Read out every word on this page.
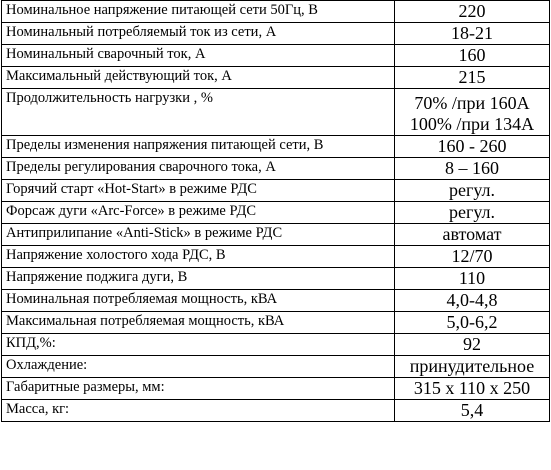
Номинальное напряжение питающей сети 50Гц, В	220

Номинальный потребляемый ток из сети, А	18-21

Номинальный сварочный ток, А	160

Максимальный действующий ток, А	215

Продолжительность нагрузки , %	70% /при 160А
100% /при 134А

Пределы изменения напряжения питающей сети, В	160 - 260

Пределы регулирования сварочного тока, А	8 – 160

Горячий старт «Hot-Start» в режиме РДС	регул.

Форсаж дуги «Arc-Force» в режиме РДС	регул.

Антиприлипание «Anti-Stick» в режиме РДС	автомат

Напряжение холостого хода РДС, В	12/70

Напряжение поджига дуги, В	110

Номинальная потребляемая мощность, кВА	4,0-4,8

Максимальная потребляемая мощность, кВА	5,0-6,2

КПД,%:	92

Охлаждение:	принудительное

Габаритные размеры, мм:	315 x 110 x 250

Масса, кг:	5,4
